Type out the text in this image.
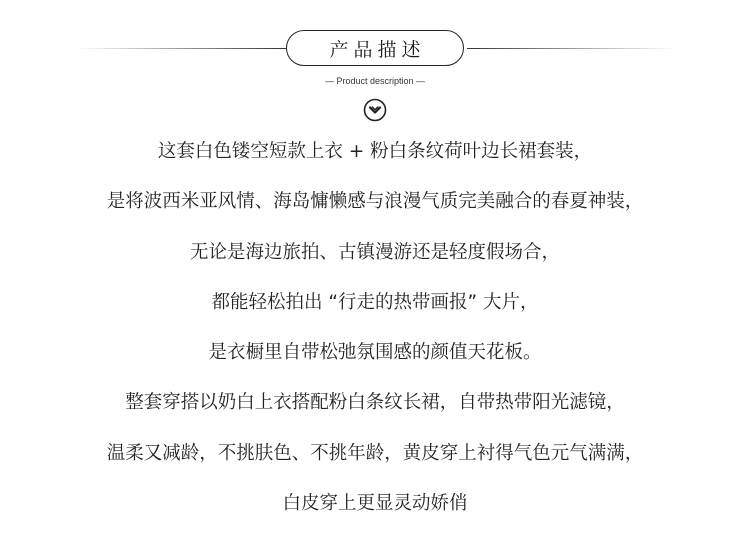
产品描述
— Product description —
这套白色镂空短款上衣 + 粉白条纹荷叶边长裙套装，
是将波西米亚风情、海岛慵懒感与浪漫气质完美融合的春夏神装，
无论是海边旅拍、古镇漫游还是轻度假场合，
都能轻松拍出 “行走的热带画报” 大片，
是衣橱里自带松弛氛围感的颜值天花板。
整套穿搭以奶白上衣搭配粉白条纹长裙，自带热带阳光滤镜，
温柔又减龄，不挑肤色、不挑年龄，黄皮穿上衬得气色元气满满，
白皮穿上更显灵动娇俏
